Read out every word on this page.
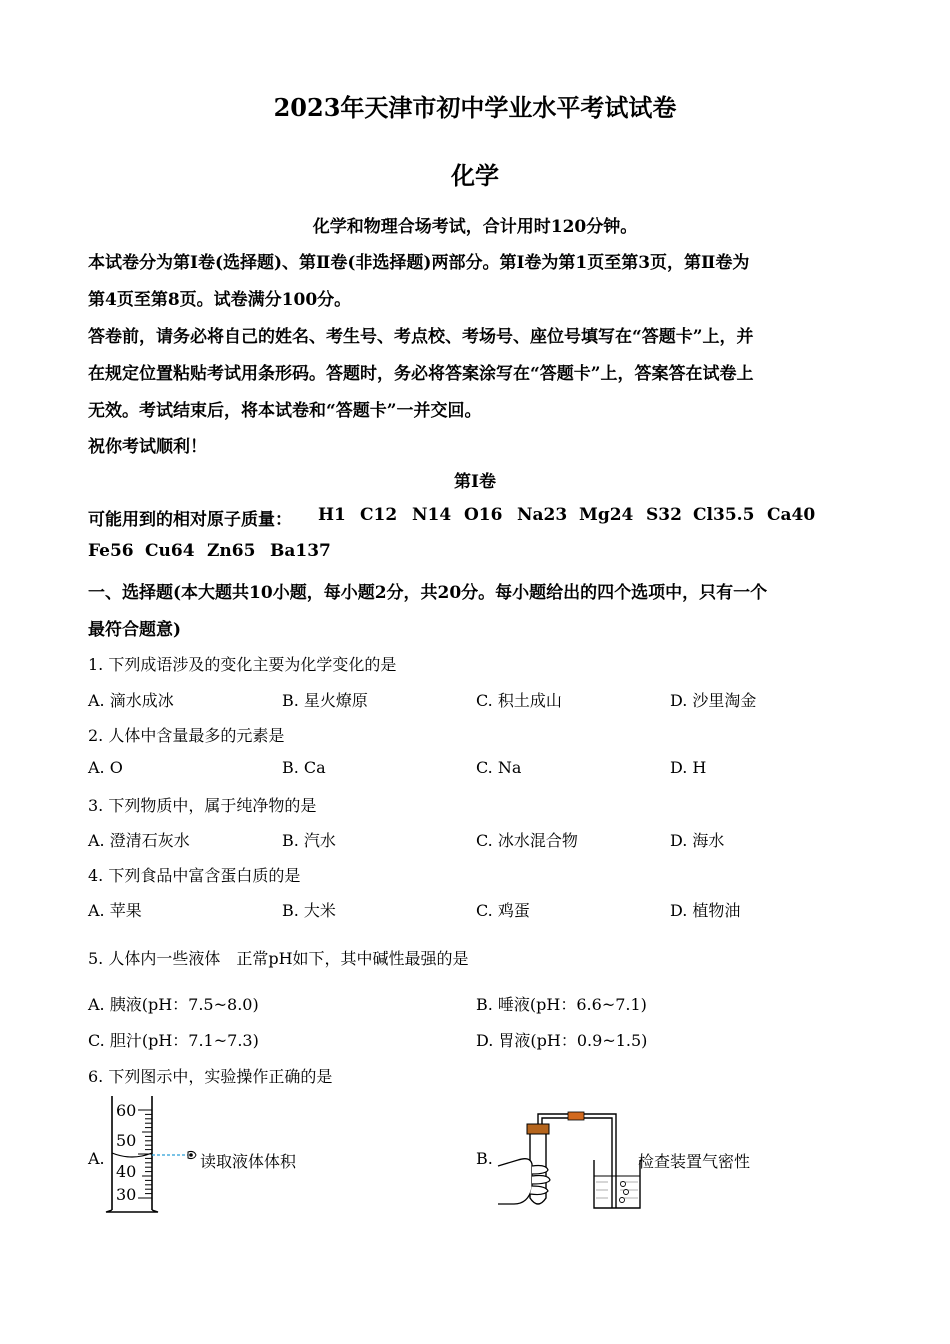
2023年天津市初中学业水平考试试卷
化学
化学和物理合场考试，合计用时120分钟。
本试卷分为第Ⅰ卷(选择题)、第Ⅱ卷(非选择题)两部分。第Ⅰ卷为第1页至第3页，第Ⅱ卷为
第4页至第8页。试卷满分100分。
答卷前，请务必将自己的姓名、考生号、考点校、考场号、座位号填写在“答题卡”上，并
在规定位置粘贴考试用条形码。答题时，务必将答案涂写在“答题卡”上，答案答在试卷上
无效。考试结束后，将本试卷和“答题卡”一并交回。
祝你考试顺利！
第Ⅰ卷
可能用到的相对原子质量： H1 C12 N14 O16 Na23 Mg24 S32 Cl35.5 Ca40
Fe56 Cu64 Zn65 Ba137
一、选择题(本大题共10小题，每小题2分，共20分。每小题给出的四个选项中，只有一个
最符合题意)
1. 下列成语涉及的变化主要为化学变化的是
A. 滴水成冰	B. 星火燎原	C. 积土成山	D. 沙里淘金
2. 人体中含量最多的元素是
A. O	B. Ca	C. Na	D. H
3. 下列物质中，属于纯净物的是
A. 澄清石灰水	B. 汽水	C. 冰水混合物	D. 海水
4. 下列食品中富含蛋白质的是
A. 苹果	B. 大米	C. 鸡蛋	D. 植物油
5. 人体内一些液体　正常pH如下，其中碱性最强的是
A. 胰液(pH：7.5~8.0)	B. 唾液(pH：6.6~7.1)
C. 胆汁(pH：7.1~7.3)	D. 胃液(pH：0.9~1.5)
6. 下列图示中，实验操作正确的是
A.	B.
60
50
40
30
读取液体体积	检查装置气密性
